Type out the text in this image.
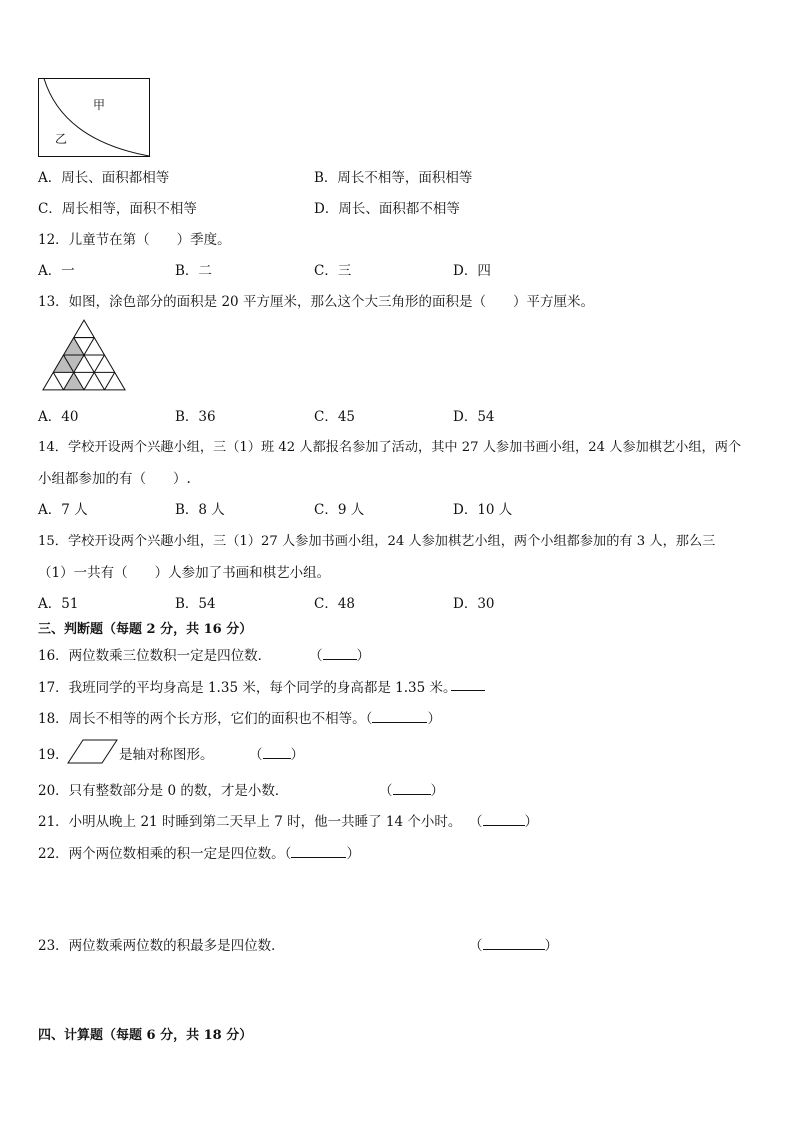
甲
乙
A．周长、面积都相等	B．周长不相等，面积相等
C．周长相等，面积不相等	D．周长、面积都不相等
12．儿童节在第（　　）季度。
A．一	B．二	C．三	D．四
13．如图，涂色部分的面积是 20 平方厘米，那么这个大三角形的面积是（　　）平方厘米。
A．40	B．36	C．45	D．54
14．学校开设两个兴趣小组，三（1）班 42 人都报名参加了活动，其中 27 人参加书画小组，24 人参加棋艺小组，两个
小组都参加的有（　　）.
A．7 人	B．8 人	C．9 人	D．10 人
15．学校开设两个兴趣小组，三（1）27 人参加书画小组，24 人参加棋艺小组，两个小组都参加的有 3 人，那么三
（1）一共有（　　）人参加了书画和棋艺小组。
A．51	B．54	C．48	D．30
三、判断题（每题 2 分，共 16 分）
16．两位数乘三位数积一定是四位数．	（	）
17．我班同学的平均身高是 1.35 米，每个同学的身高都是 1.35 米。
18．周长不相等的两个长方形，它们的面积也不相等。（	）
19．	是轴对称图形。	（ ）
20．只有整数部分是 0 的数，才是小数．	（	）
21．小明从晚上 21 时睡到第二天早上 7 时，他一共睡了 14 个小时。 （	）
22．两个两位数相乘的积一定是四位数。（	）
23．两位数乘两位数的积最多是四位数．	（	）
四、计算题（每题 6 分，共 18 分）
